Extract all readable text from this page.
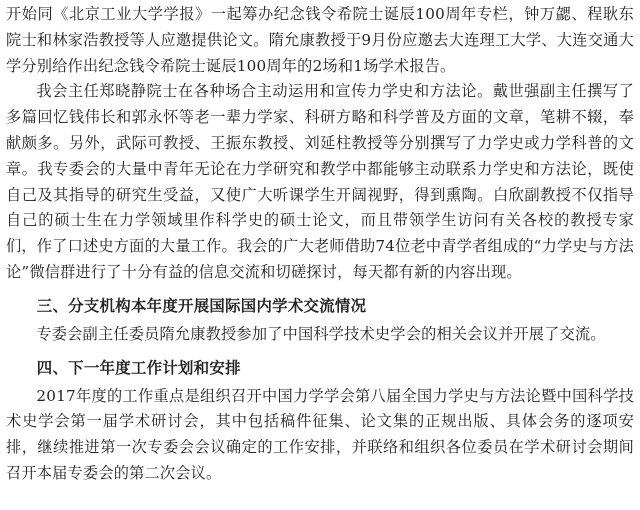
开始同《北京工业大学学报》一起筹办纪念钱令希院士诞辰100周年专栏，钟万勰、程耿东院士和林家浩教授等人应邀提供论文。隋允康教授于9月份应邀去大连理工大学、大连交通大学分别给作出纪念钱令希院士诞辰100周年的2场和1场学术报告。

我会主任郑晓静院士在各种场合主动运用和宣传力学史和方法论。戴世强副主任撰写了多篇回忆钱伟长和郭永怀等老一辈力学家、科研方略和科学普及方面的文章，笔耕不辍，奉献颇多。另外，武际可教授、王振东教授、刘延柱教授等分别撰写了力学史或力学科普的文章。我专委会的大量中青年无论在力学研究和教学中都能够主动联系力学史和方法论，既使自己及其指导的研究生受益，又使广大听课学生开阔视野，得到熏陶。白欣副教授不仅指导自己的硕士生在力学领域里作科学史的硕士论文，而且带领学生访问有关各校的教授专家们，作了口述史方面的大量工作。我会的广大老师借助74位老中青学者组成的“力学史与方法论”微信群进行了十分有益的信息交流和切磋探讨，每天都有新的内容出现。

三、分支机构本年度开展国际国内学术交流情况

专委会副主任委员隋允康教授参加了中国科学技术史学会的相关会议并开展了交流。

四、下一年度工作计划和安排

2017年度的工作重点是组织召开中国力学学会第八届全国力学史与方法论暨中国科学技术史学会第一届学术研讨会，其中包括稿件征集、论文集的正规出版、具体会务的逐项安排，继续推进第一次专委会会议确定的工作安排，并联络和组织各位委员在学术研讨会期间召开本届专委会的第二次会议。
